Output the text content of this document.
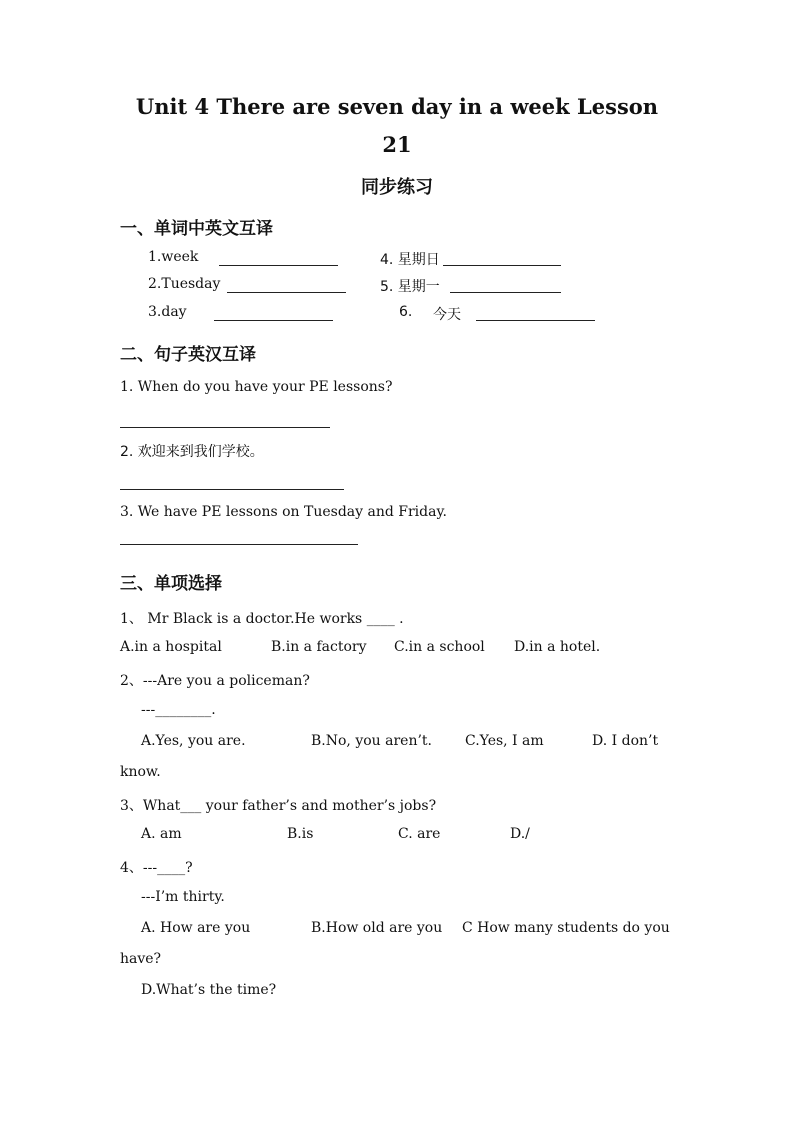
Unit 4 There are seven day in a week Lesson
21
同步练习
一、单词中英文互译
1.week	4. 星期日
2.Tuesday	5. 星期一
3.day	6. 今天
二、句子英汉互译
1. When do you have your PE lessons?
2. 欢迎来到我们学校。
3. We have PE lessons on Tuesday and Friday.
三、单项选择
1、 Mr Black is a doctor.He works ____ .
A.in a hospital	B.in a factory C.in a school D.in a hotel.
2、---Are you a policeman?
---________.
A.Yes, you are.	B.No, you aren’t. C.Yes, I am	D. I don’t
know.
3、What___ your father’s and mother’s jobs?
A. am	B.is	C. are	D./
4、---____?
---I’m thirty.
A. How are you	B.How old are you C How many students do you
have?
D.What’s the time?
